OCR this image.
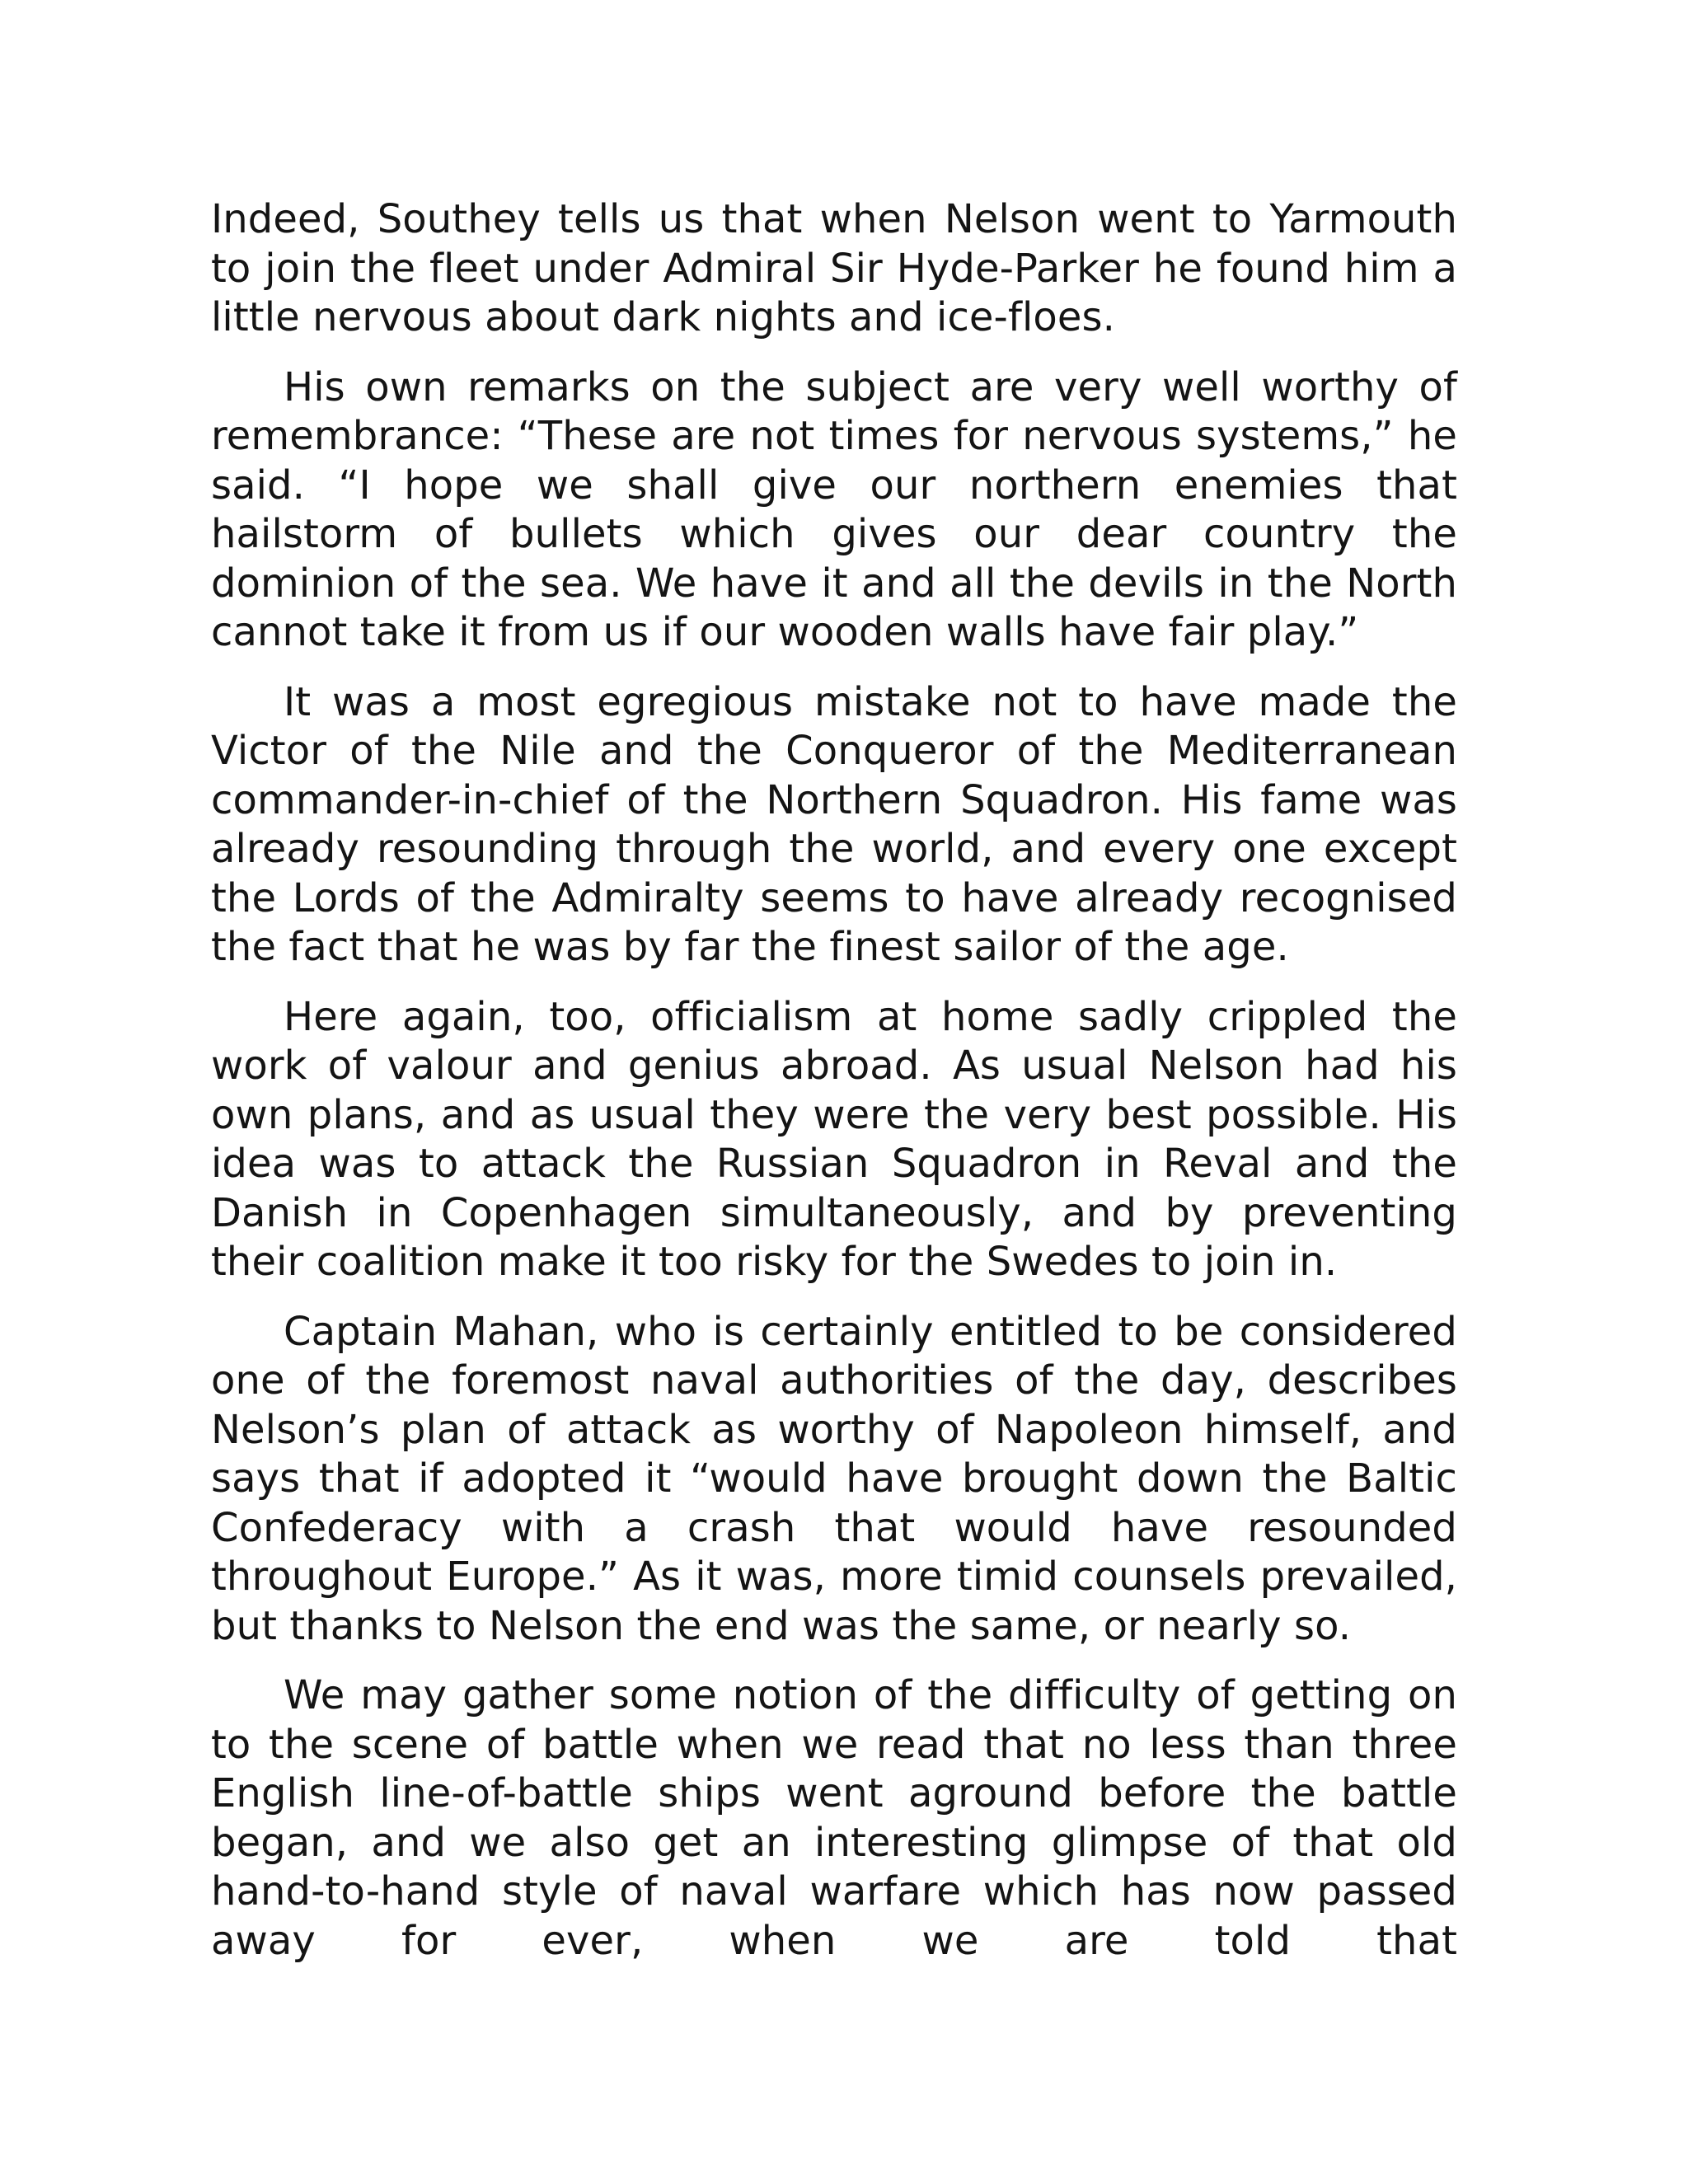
Indeed, Southey tells us that when Nelson went to Yarmouth to join the fleet under Admiral Sir Hyde-Parker he found him a little nervous about dark nights and ice-floes.

His own remarks on the subject are very well worthy of remembrance: “These are not times for nervous systems,” he said. “I hope we shall give our northern enemies that hailstorm of bullets which gives our dear country the dominion of the sea. We have it and all the devils in the North cannot take it from us if our wooden walls have fair play.”

It was a most egregious mistake not to have made the Victor of the Nile and the Conqueror of the Mediterranean commander-in-chief of the Northern Squadron. His fame was already resounding through the world, and every one except the Lords of the Admiralty seems to have already recognised the fact that he was by far the finest sailor of the age.

Here again, too, officialism at home sadly crippled the work of valour and genius abroad. As usual Nelson had his own plans, and as usual they were the very best possible. His idea was to attack the Russian Squadron in Reval and the Danish in Copenhagen simultaneously, and by preventing their coalition make it too risky for the Swedes to join in.

Captain Mahan, who is certainly entitled to be considered one of the foremost naval authorities of the day, describes Nelson’s plan of attack as worthy of Napoleon himself, and says that if adopted it “would have brought down the Baltic Confederacy with a crash that would have resounded throughout Europe.” As it was, more timid counsels prevailed, but thanks to Nelson the end was the same, or nearly so.

We may gather some notion of the difficulty of getting on to the scene of battle when we read that no less than three English line-of-battle ships went aground before the battle began, and we also get an interesting glimpse of that old hand-to-hand style of naval warfare which has now passed away for ever, when we are told that
